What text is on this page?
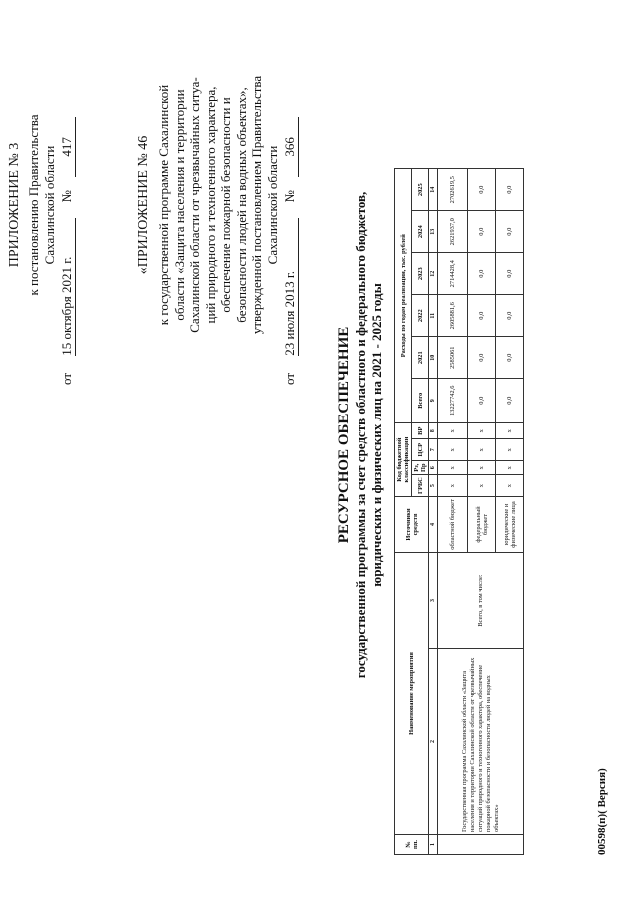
ПРИЛОЖЕНИЕ № 3 к постановлению Правительства Сахалинской области
от 15 октября 2021 г. № 417	«ПРИЛОЖЕНИЕ № 46 к государственной программе Сахалинской области «Защита населения и территории Сахалинской области от чрезвычайных ситуа- ций природного и техногенного характера, обеспечение пожарной безопасности и безопасности людей на водных объектах», утвержденной постановлением Правительства Сахалинской области
от 23 июля 2013 г. № 366
РЕСУРСНОЕ ОБЕСПЕЧЕНИЕ государственной программы за счет средств областного и федерального бюджетов, юридических и физических лиц на 2021 - 2025 годы
№ пп.	Наименование мероприятия		Источники средств	Код бюджетной классификации				Расходы по годам реализации, тыс. рублей					
				ГРБС	Рз, Пр	ЦСР	ВР	Всего	2021	2022	2023	2024	2025
1	2	3	4	5	6	7	8	9	10	11	12	13	14
	Государственная программа Сахалинской области «Защита населения и территории Сахалинской области от чрезвычайных ситуаций природного и техногенного характера, обеспечение пожарной безопасности и безопасности людей на водных объектах»	Всего, в том числе:	областной бюджет	х	х	х	х	13227742,6	2585061	2605881,6	2714428,4	2621937,0	2702619,5
			федеральный бюджет	х	х	х	х	0,0	0,0	0,0	0,0	0,0	0,0
			юридические и физические лица	х	х	х	х	0,0	0,0	0,0	0,0	0,0	0,0
00598(п)( Версия)
